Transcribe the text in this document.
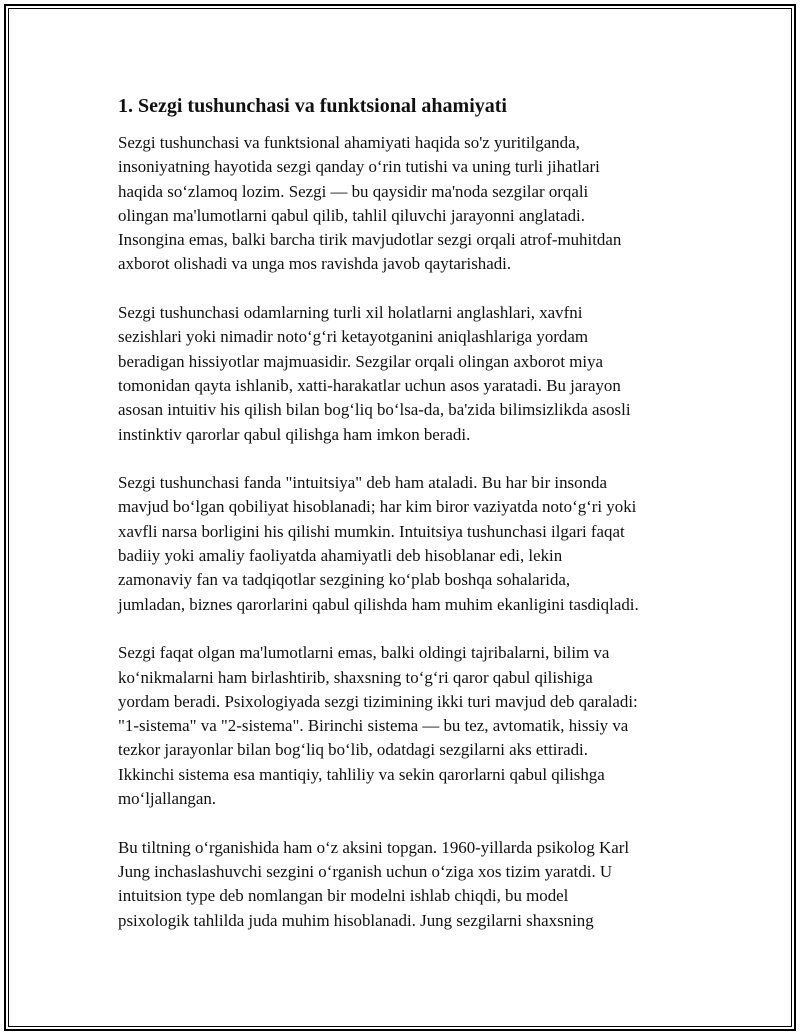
1. Sezgi tushunchasi va funktsional ahamiyati
Sezgi tushunchasi va funktsional ahamiyati haqida so'z yuritilganda,
insoniyatning hayotida sezgi qanday oʻrin tutishi va uning turli jihatlari
haqida soʻzlamoq lozim. Sezgi — bu qaysidir ma'noda sezgilar orqali
olingan ma'lumotlarni qabul qilib, tahlil qiluvchi jarayonni anglatadi.
Insongina emas, balki barcha tirik mavjudotlar sezgi orqali atrof-muhitdan
axborot olishadi va unga mos ravishda javob qaytarishadi.
Sezgi tushunchasi odamlarning turli xil holatlarni anglashlari, xavfni
sezishlari yoki nimadir notoʻgʻri ketayotganini aniqlashlariga yordam
beradigan hissiyotlar majmuasidir. Sezgilar orqali olingan axborot miya
tomonidan qayta ishlanib, xatti-harakatlar uchun asos yaratadi. Bu jarayon
asosan intuitiv his qilish bilan bogʻliq boʻlsa-da, ba'zida bilimsizlikda asosli
instinktiv qarorlar qabul qilishga ham imkon beradi.
Sezgi tushunchasi fanda "intuitsiya" deb ham ataladi. Bu har bir insonda
mavjud boʻlgan qobiliyat hisoblanadi; har kim biror vaziyatda notoʻgʻri yoki
xavfli narsa borligini his qilishi mumkin. Intuitsiya tushunchasi ilgari faqat
badiiy yoki amaliy faoliyatda ahamiyatli deb hisoblanar edi, lekin
zamonaviy fan va tadqiqotlar sezgining koʻplab boshqa sohalarida,
jumladan, biznes qarorlarini qabul qilishda ham muhim ekanligini tasdiqladi.
Sezgi faqat olgan ma'lumotlarni emas, balki oldingi tajribalarni, bilim va
koʻnikmalarni ham birlashtirib, shaxsning toʻgʻri qaror qabul qilishiga
yordam beradi. Psixologiyada sezgi tizimining ikki turi mavjud deb qaraladi:
"1-sistema" va "2-sistema". Birinchi sistema — bu tez, avtomatik, hissiy va
tezkor jarayonlar bilan bogʻliq boʻlib, odatdagi sezgilarni aks ettiradi.
Ikkinchi sistema esa mantiqiy, tahliliy va sekin qarorlarni qabul qilishga
moʻljallangan.
Bu tiltning oʻrganishida ham oʻz aksini topgan. 1960-yillarda psikolog Karl
Jung inchaslashuvchi sezgini oʻrganish uchun oʻziga xos tizim yaratdi. U
intuitsion type deb nomlangan bir modelni ishlab chiqdi, bu model
psixologik tahlilda juda muhim hisoblanadi. Jung sezgilarni shaxsning
